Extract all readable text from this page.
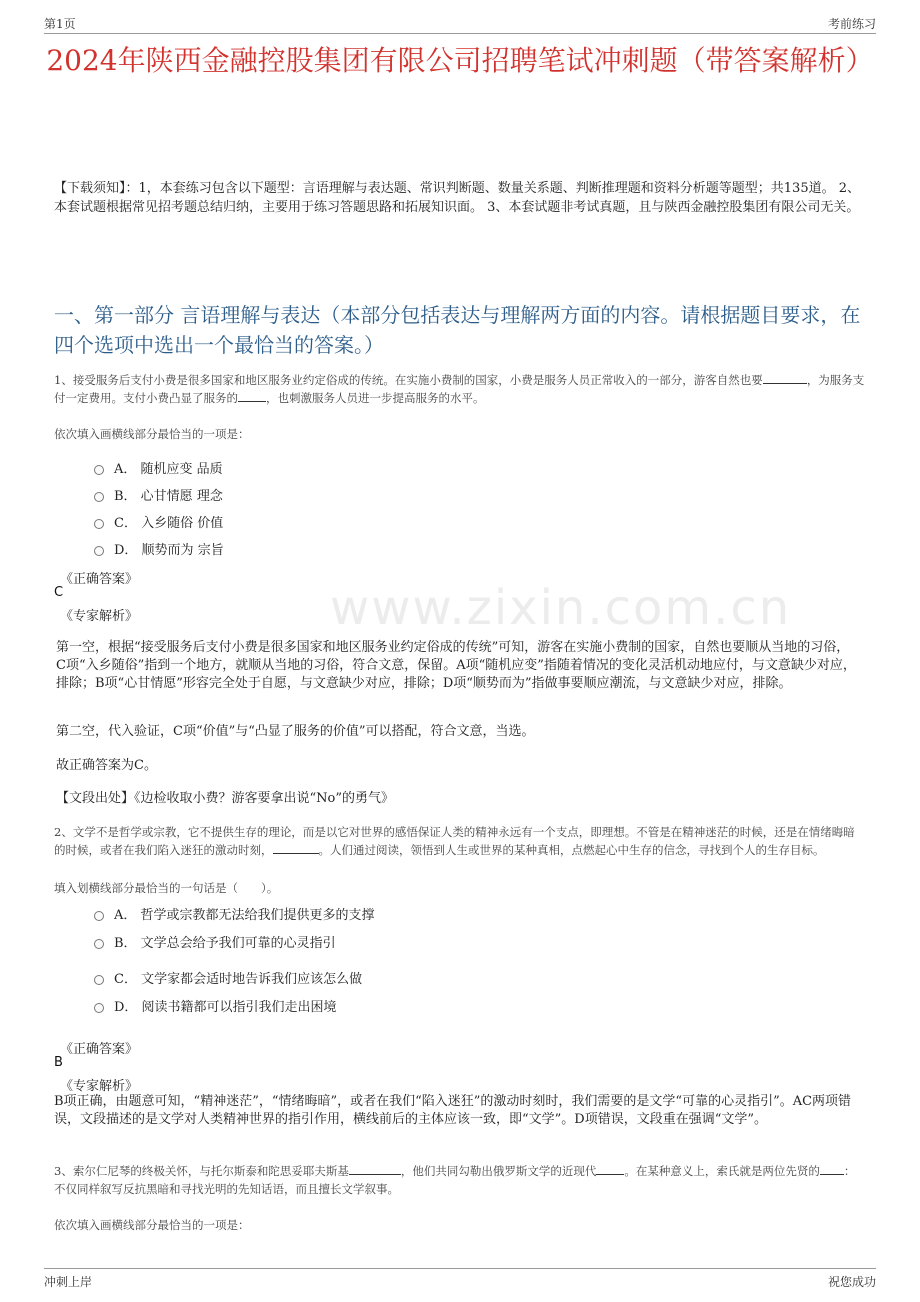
第1页	考前练习
www.zixin.com.cn
2024年陕西金融控股集团有限公司招聘笔试冲刺题（带答案解析）
【下载须知】：1，本套练习包含以下题型：言语理解与表达题、常识判断题、数量关系题、判断推理题和资料分析题等题型；共135道。 2、本套试题根据常见招考题总结归纳，主要用于练习答题思路和拓展知识面。 3、本套试题非考试真题，且与陕西金融控股集团有限公司无关。
一、第一部分 言语理解与表达（本部分包括表达与理解两方面的内容。请根据题目要求，在四个选项中选出一个最恰当的答案。）
1、接受服务后支付小费是很多国家和地区服务业约定俗成的传统。在实施小费制的国家，小费是服务人员正常收入的一部分，游客自然也要	，为服务支付一定费用。支付小费凸显了服务的 ，也刺激服务人员进一步提高服务的水平。
依次填入画横线部分最恰当的一项是：
A． 随机应变 品质
B． 心甘情愿 理念
C． 入乡随俗 价值
D． 顺势而为 宗旨
《正确答案》
C
《专家解析》
第一空，根据“接受服务后支付小费是很多国家和地区服务业约定俗成的传统”可知，游客在实施小费制的国家，自然也要顺从当地的习俗，C项“入乡随俗”指到一个地方，就顺从当地的习俗，符合文意，保留。A项“随机应变”指随着情况的变化灵活机动地应付，与文意缺少对应，排除；B项“心甘情愿”形容完全处于自愿，与文意缺少对应，排除；D项“顺势而为”指做事要顺应潮流，与文意缺少对应，排除。
第二空，代入验证，C项“价值”与“凸显了服务的价值”可以搭配，符合文意，当选。
故正确答案为C。
【文段出处】《边检收取小费？游客要拿出说“No”的勇气》
2、文学不是哲学或宗教，它不提供生存的理论，而是以它对世界的感悟保证人类的精神永远有一个支点，即理想。不管是在精神迷茫的时候，还是在情绪晦暗的时候，或者在我们陷入迷狂的激动时刻，	。人们通过阅读，领悟到人生或世界的某种真相，点燃起心中生存的信念，寻找到个人的生存目标。
填入划横线部分最恰当的一句话是（　　）。
A． 哲学或宗教都无法给我们提供更多的支撑
B． 文学总会给予我们可靠的心灵指引
C． 文学家都会适时地告诉我们应该怎么做
D． 阅读书籍都可以指引我们走出困境
《正确答案》
B
《专家解析》
B项正确，由题意可知，“精神迷茫”，“情绪晦暗”，或者在我们“陷入迷狂”的激动时刻时，我们需要的是文学“可靠的心灵指引”。AC两项错误，文段描述的是文学对人类精神世界的指引作用，横线前后的主体应该一致，即“文学”。D项错误，文段重在强调“文学”。
3、索尔仁尼琴的终极关怀，与托尔斯泰和陀思妥耶夫斯基	，他们共同勾勒出俄罗斯文学的近现代 。在某种意义上，索氏就是两位先贤的 ：不仅同样叙写反抗黑暗和寻找光明的先知话语，而且擅长文学叙事。
依次填入画横线部分最恰当的一项是：
冲刺上岸	祝您成功
